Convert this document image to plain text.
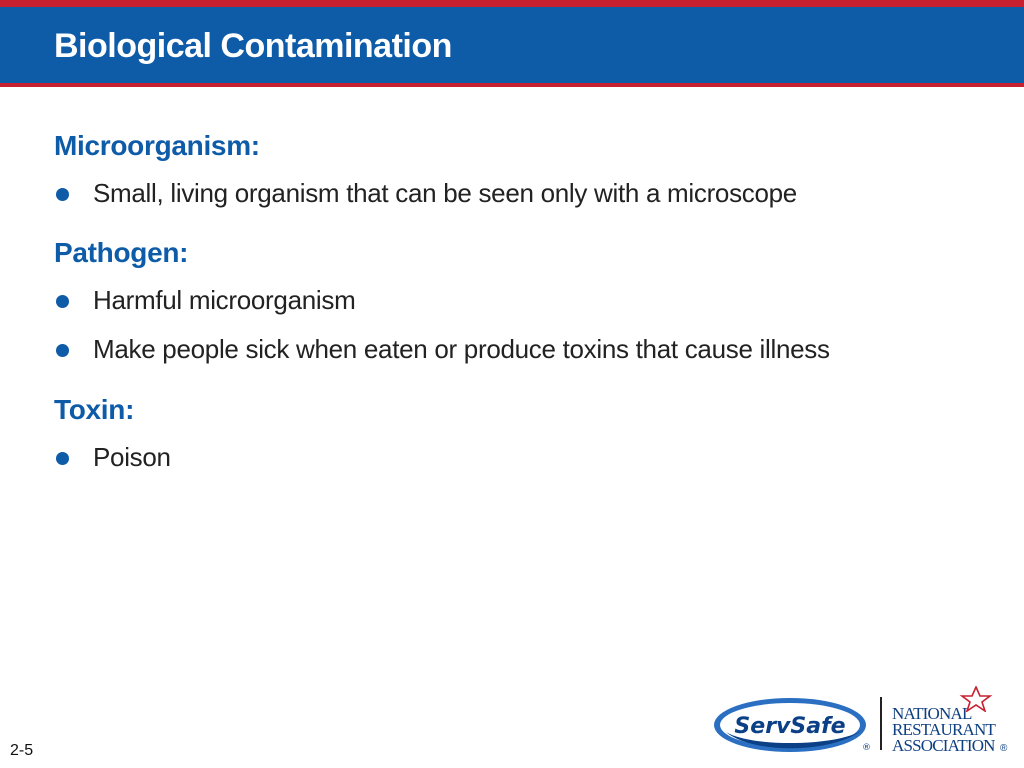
Biological Contamination
Microorganism:
Small, living organism that can be seen only with a microscope
Pathogen:
Harmful microorganism
Make people sick when eaten or produce toxins that cause illness
Toxin:
Poison
2-5
ServSafe
®
NATIONAL
RESTAURANT
ASSOCIATION ®
